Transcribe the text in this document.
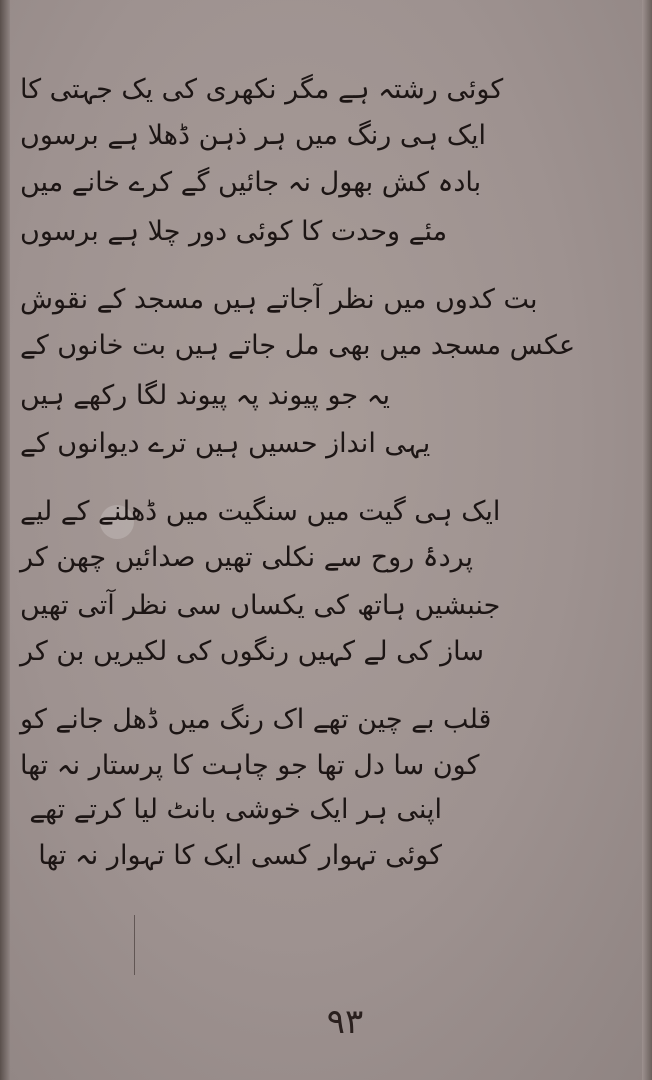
کوئی رشتہ ہے مگر نکھری کی یک جہتی کا
ایک ہی رنگ میں ہر ذہن ڈھلا ہے برسوں
بادہ کش بھول نہ جائیں گے کرے خانے میں
مئے وحدت کا کوئی دور چلا ہے برسوں
بت کدوں میں نظر آجاتے ہیں مسجد کے نقوش
عکس مسجد میں بھی مل جاتے ہیں بت خانوں کے
یہ جو پیوند پہ پیوند لگا رکھے ہیں
یہی انداز حسیں ہیں ترے دیوانوں کے
ایک ہی گیت میں سنگیت میں ڈھلنے کے لیے
پردۂ روح سے نکلی تھیں صدائیں چھن کر
جنبشیں ہاتھ کی یکساں سی نظر آتی تھیں
ساز کی لے کہیں رنگوں کی لکیریں بن کر
قلب بے چین تھے اک رنگ میں ڈھل جانے کو
کون سا دل تھا جو چاہت کا پرستار نہ تھا
اپنی ہر ایک خوشی بانٹ لیا کرتے تھے
کوئی تہوار کسی ایک کا تہوار نہ تھا
۹۳
